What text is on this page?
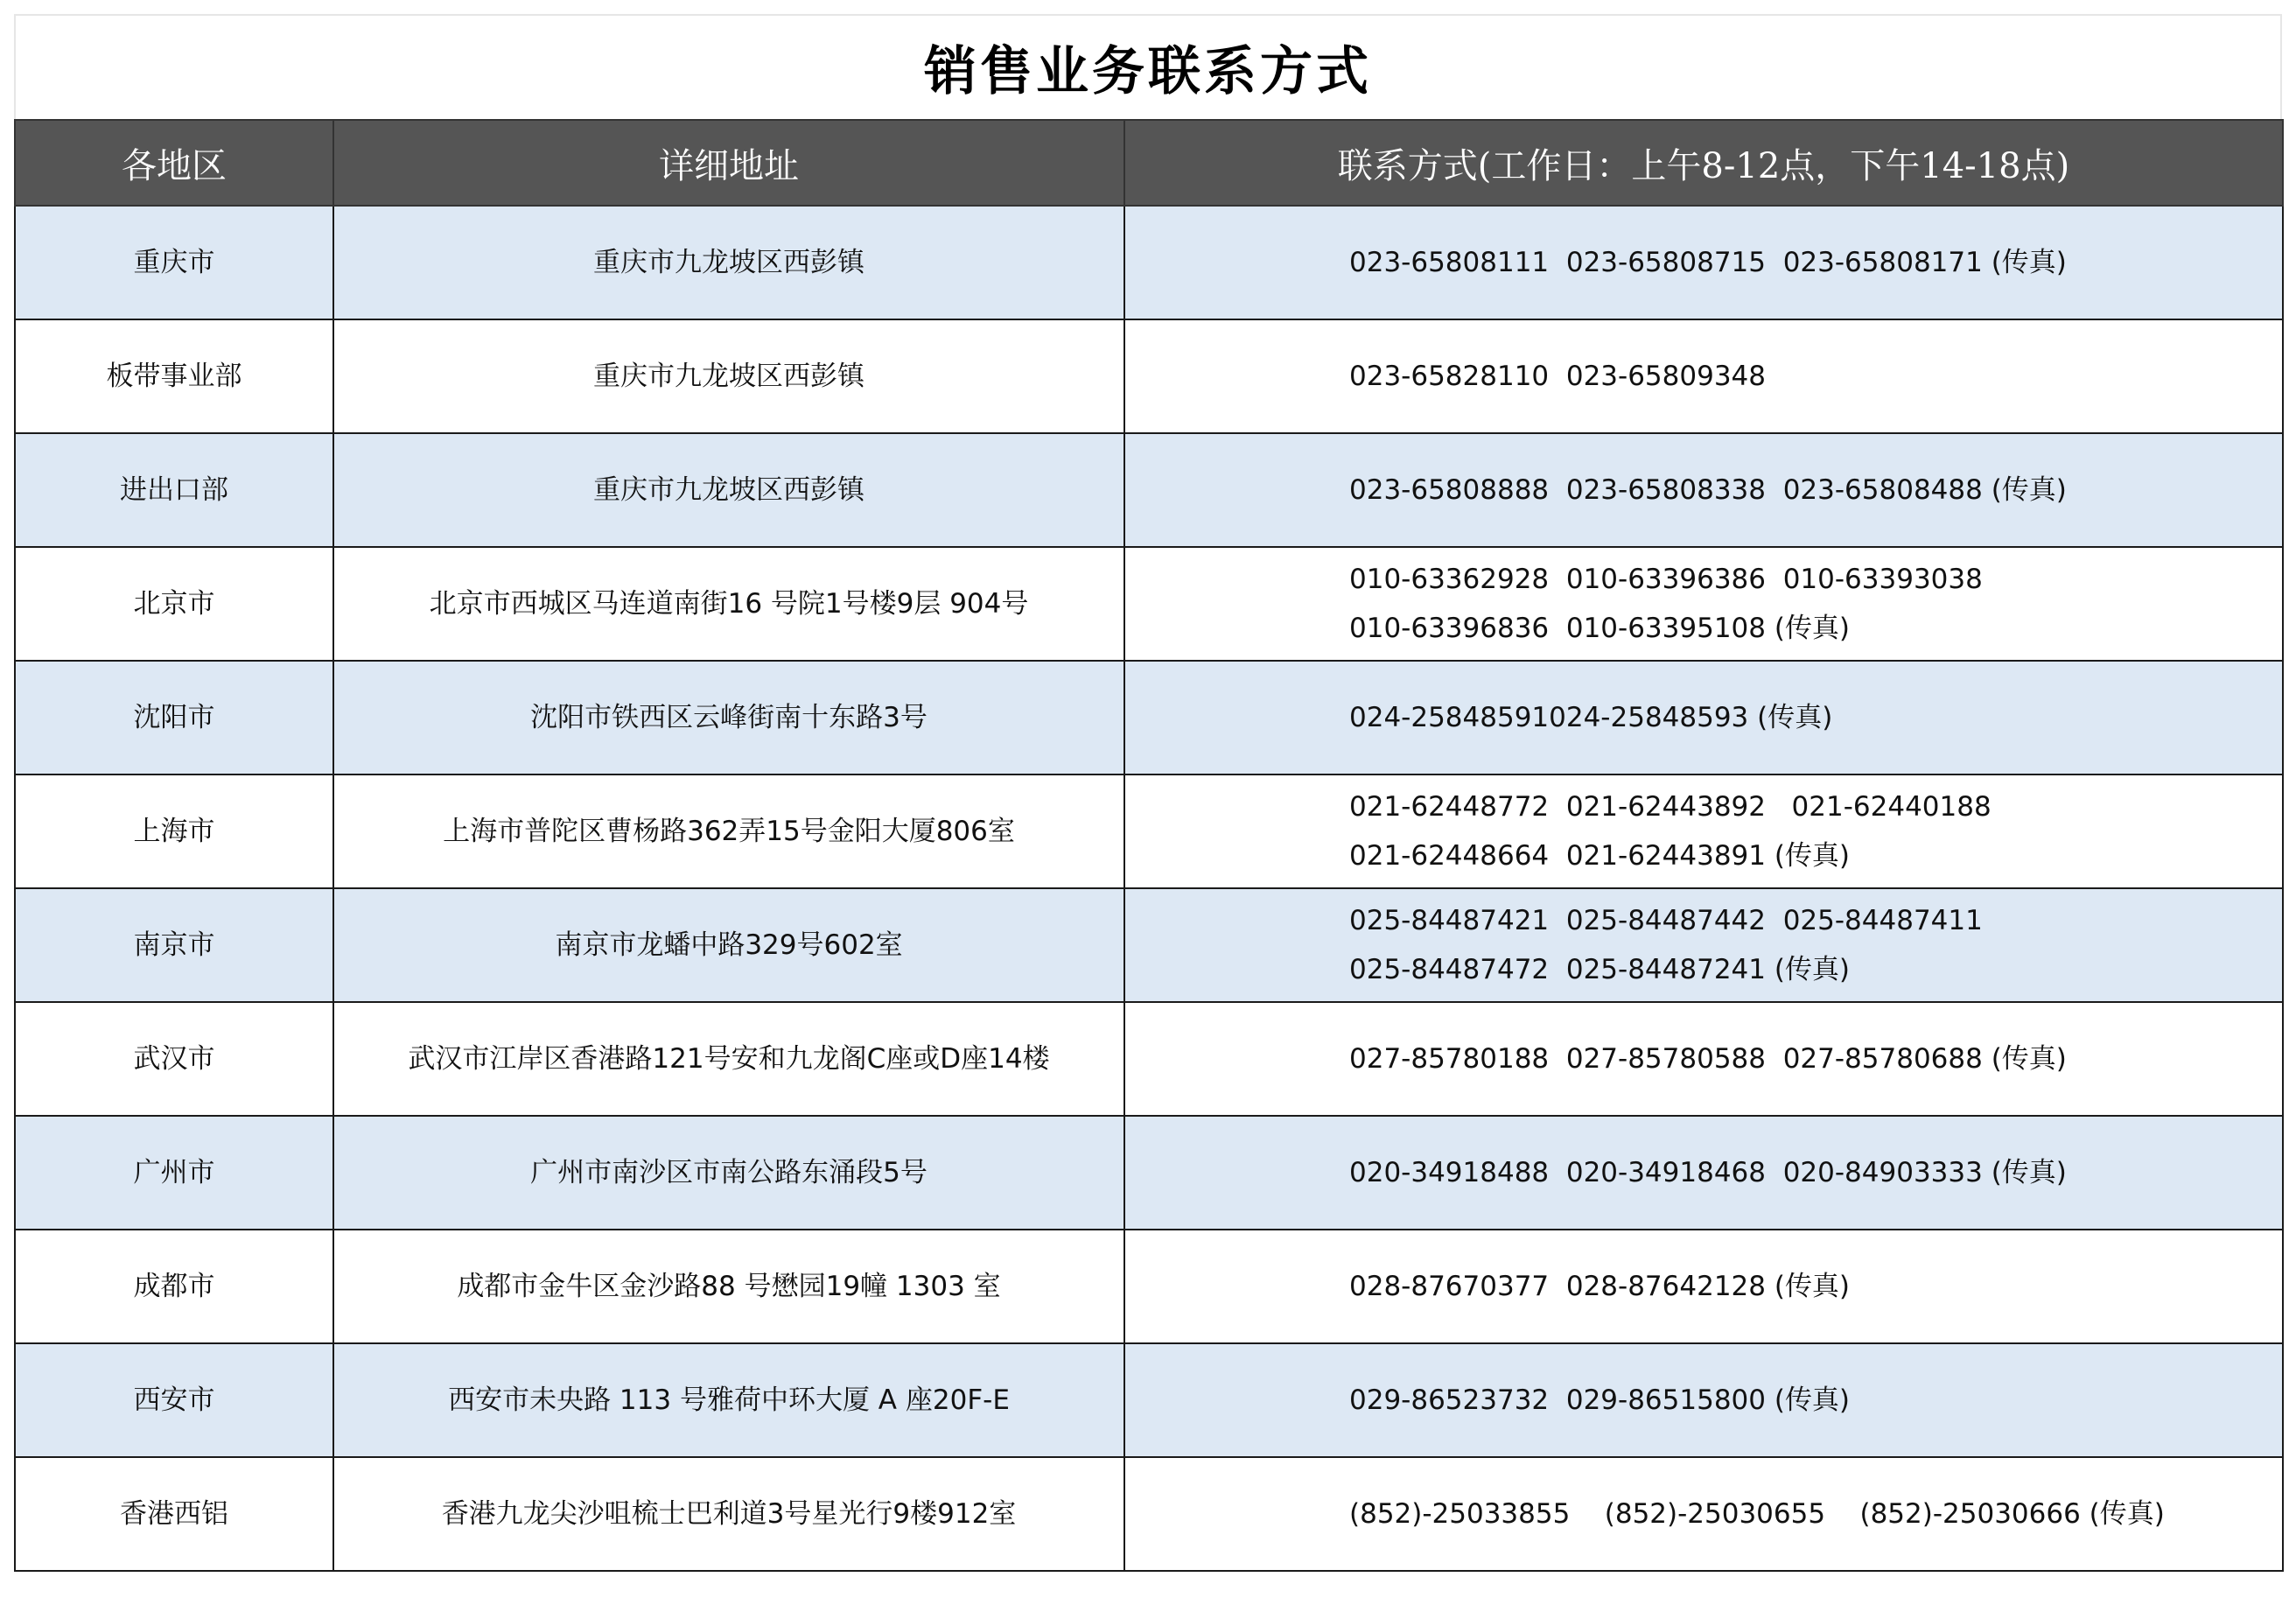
销售业务联系方式
各地区	详细地址	联系方式(工作日：上午8-12点，下午14-18点)
重庆市	重庆市九龙坡区西彭镇	023-65808111  023-65808715  023-65808171 (传真)

板带事业部	重庆市九龙坡区西彭镇	023-65828110  023-65809348

进出口部	重庆市九龙坡区西彭镇	023-65808888  023-65808338  023-65808488 (传真)

北京市	北京市西城区马连道南街16 号院1号楼9层 904号	010-63362928  010-63396386  010-63393038
010-63396836  010-63395108 (传真)

沈阳市	沈阳市铁西区云峰街南十东路3号	024-25848591024-25848593 (传真)

上海市	上海市普陀区曹杨路362弄15号金阳大厦806室	021-62448772  021-62443892   021-62440188
021-62448664  021-62443891 (传真)

南京市	南京市龙蟠中路329号602室	025-84487421  025-84487442  025-84487411
025-84487472  025-84487241 (传真)

武汉市	武汉市江岸区香港路121号安和九龙阁C座或D座14楼	027-85780188  027-85780588  027-85780688 (传真)

广州市	广州市南沙区市南公路东涌段5号	020-34918488  020-34918468  020-84903333 (传真)

成都市	成都市金牛区金沙路88 号懋园19幢 1303 室	028-87670377  028-87642128 (传真)

西安市	西安市未央路 113 号雅荷中环大厦 A 座20F-E	029-86523732  029-86515800 (传真)

香港西铝	香港九龙尖沙咀梳士巴利道3号星光行9楼912室	(852)-25033855    (852)-25030655    (852)-25030666 (传真)
